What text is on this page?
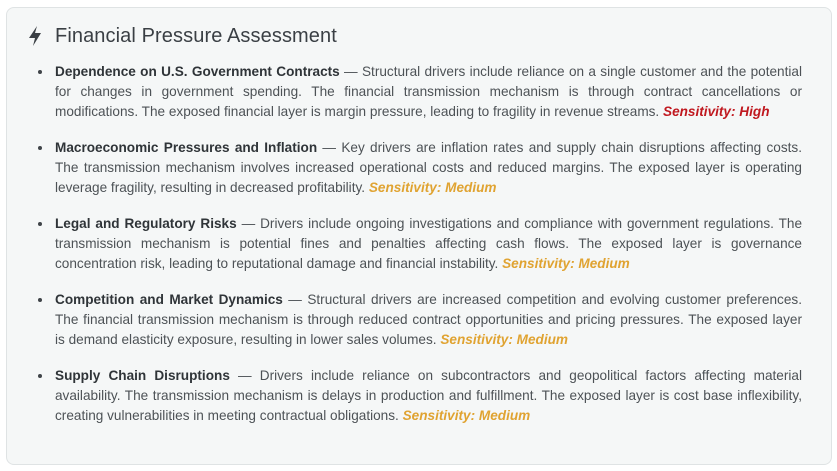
Financial Pressure Assessment
Dependence on U.S. Government Contracts — Structural drivers include reliance on a single customer and the potential for changes in government spending. The financial transmission mechanism is through contract cancellations or modifications. The exposed financial layer is margin pressure, leading to fragility in revenue streams. Sensitivity: High
Macroeconomic Pressures and Inflation — Key drivers are inflation rates and supply chain disruptions affecting costs. The transmission mechanism involves increased operational costs and reduced margins. The exposed layer is operating leverage fragility, resulting in decreased profitability. Sensitivity: Medium
Legal and Regulatory Risks — Drivers include ongoing investigations and compliance with government regulations. The transmission mechanism is potential fines and penalties affecting cash flows. The exposed layer is governance concentration risk, leading to reputational damage and financial instability. Sensitivity: Medium
Competition and Market Dynamics — Structural drivers are increased competition and evolving customer preferences. The financial transmission mechanism is through reduced contract opportunities and pricing pressures. The exposed layer is demand elasticity exposure, resulting in lower sales volumes. Sensitivity: Medium
Supply Chain Disruptions — Drivers include reliance on subcontractors and geopolitical factors affecting material availability. The transmission mechanism is delays in production and fulfillment. The exposed layer is cost base inflexibility, creating vulnerabilities in meeting contractual obligations. Sensitivity: Medium
